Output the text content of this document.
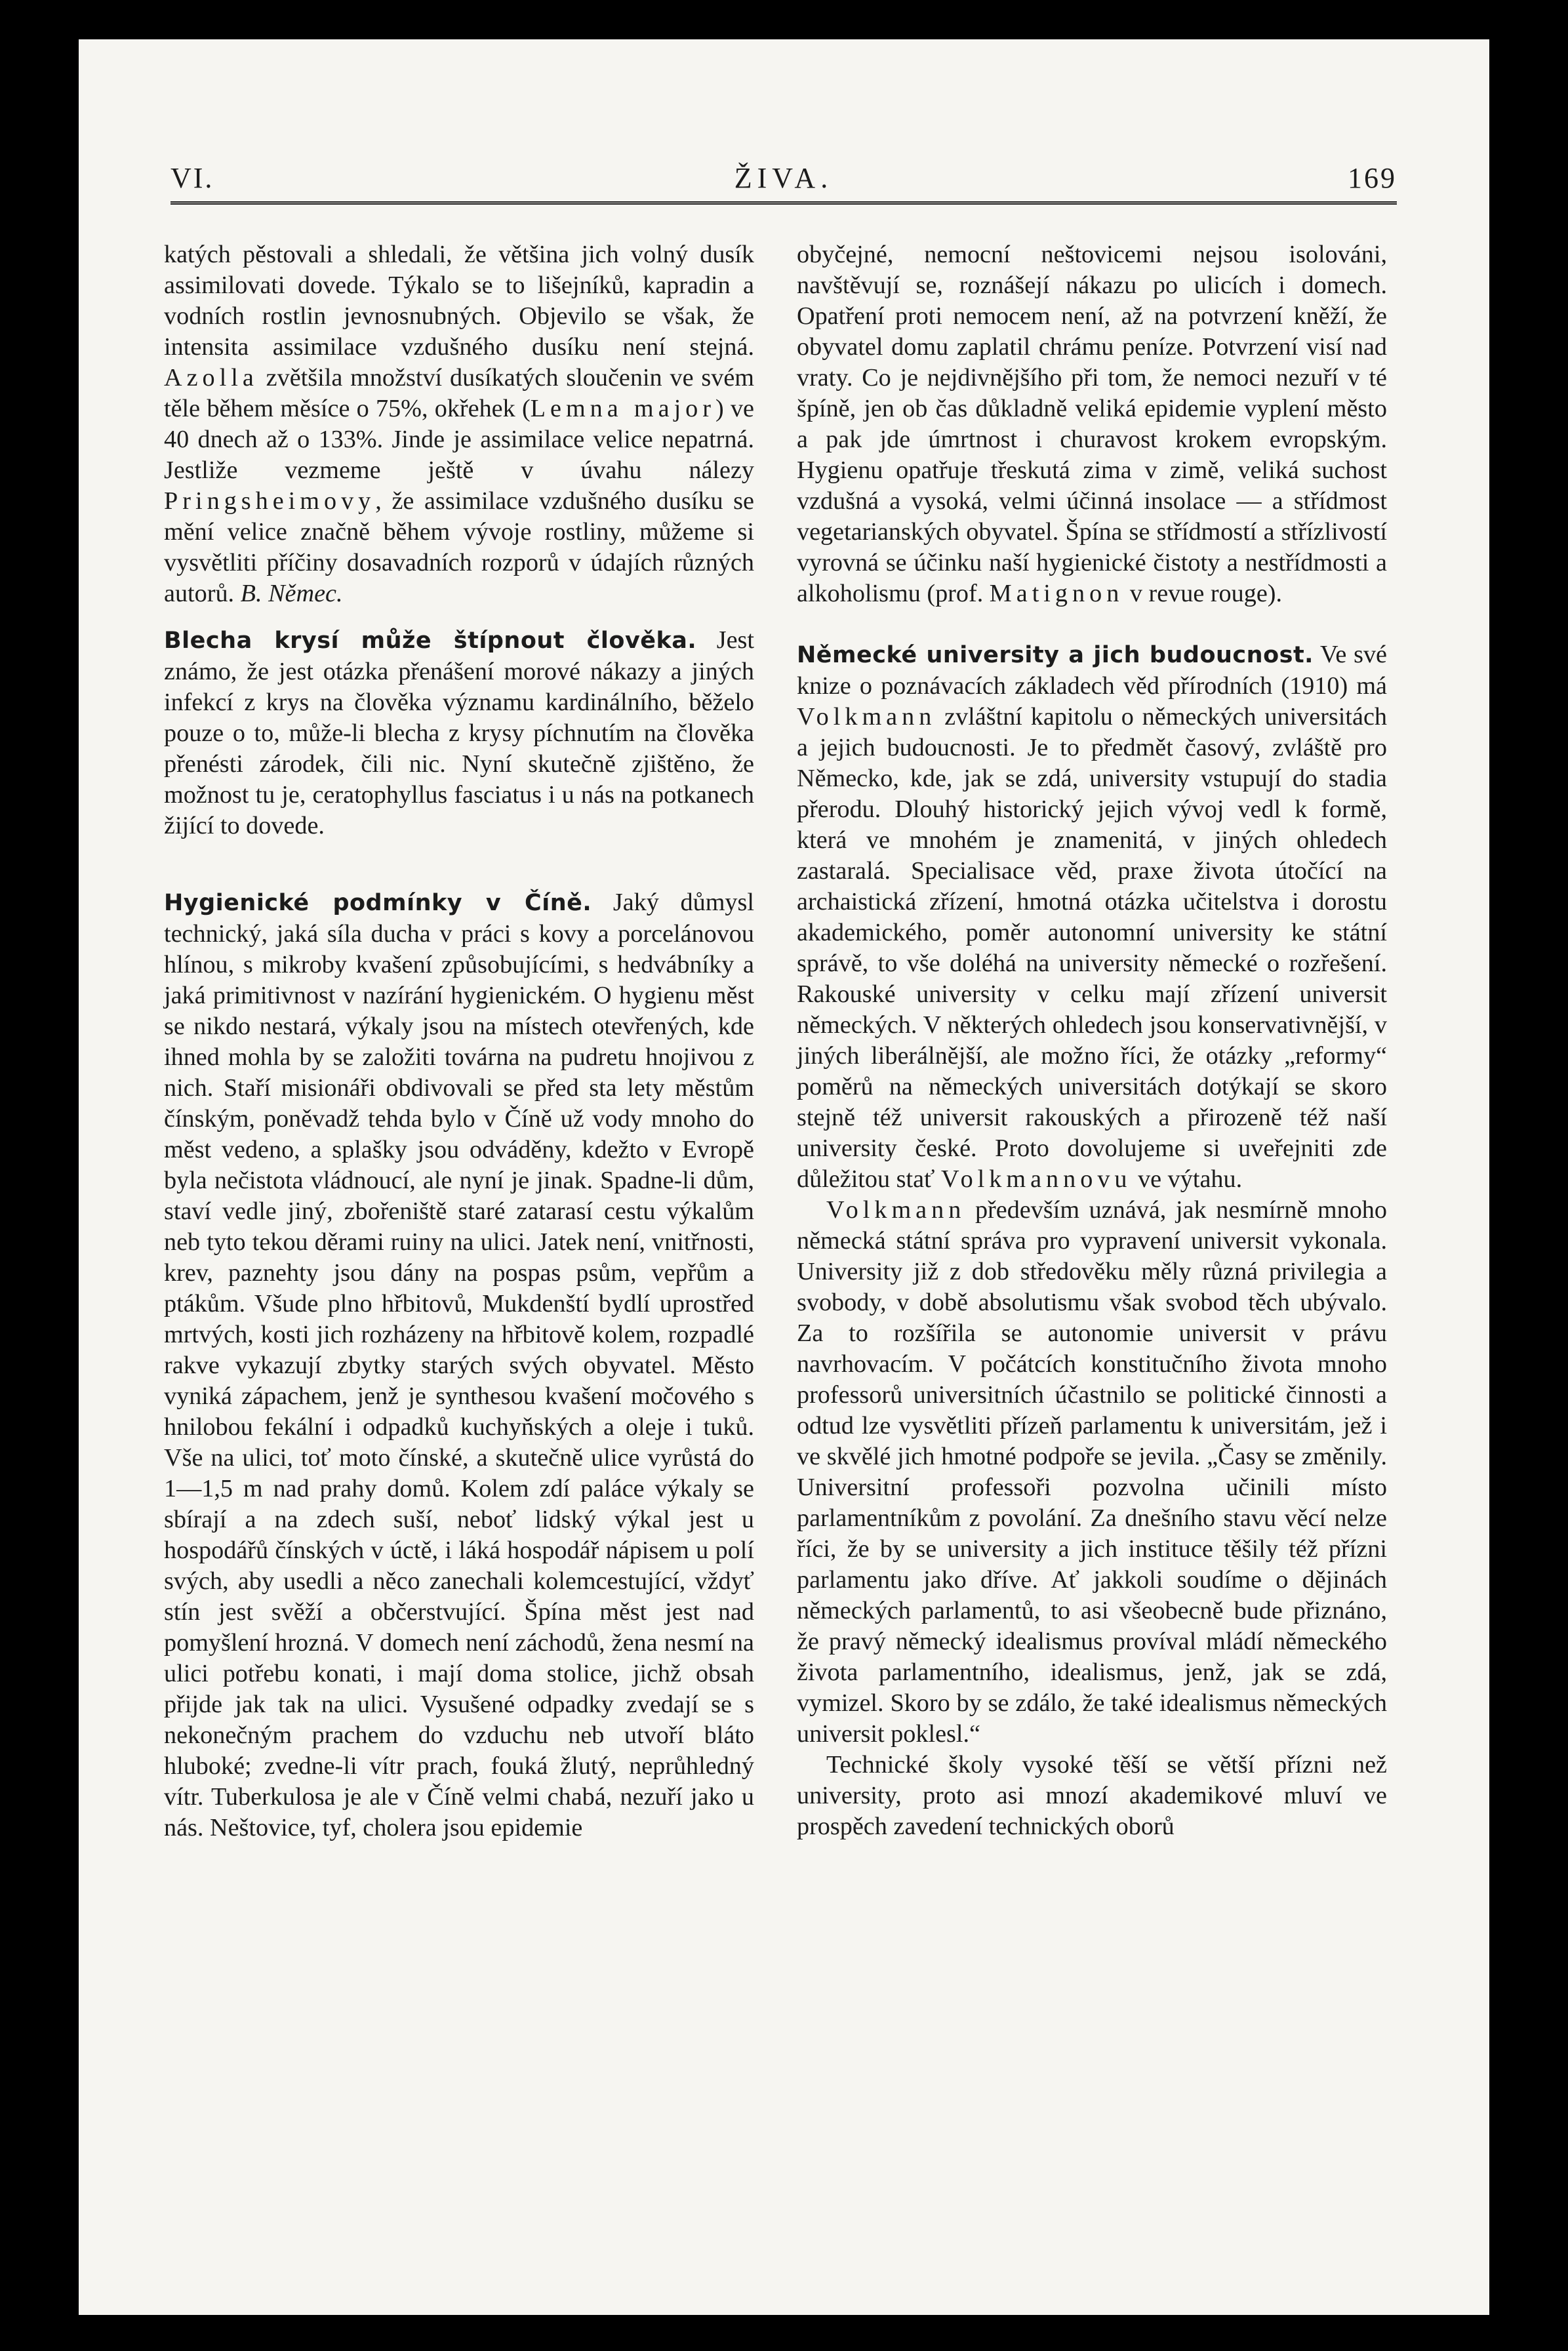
VI.	ŽIVA.	169

katých pěstovali a shledali, že většina jich volný dusík assimilovati dovede. Týkalo se to lišejníků, kapradin a vodních rostlin jevnosnubných. Objevilo se však, že intensita assimilace vzdušného dusíku není stejná. Azolla zvětšila množství dusíkatých sloučenin ve svém těle během měsíce o 75%, okřehek (Lemna major) ve 40 dnech až o 133%. Jinde je assimilace velice nepatrná. Jestliže vezmeme ještě v úvahu nálezy Pringsheimovy, že assimilace vzdušného dusíku se mění velice značně během vývoje rostliny, můžeme si vysvětliti příčiny dosavadních rozporů v údajích různých autorů. B. Němec.

Blecha krysí může štípnout člověka. Jest známo, že jest otázka přenášení morové nákazy a jiných infekcí z krys na člověka významu kardinálního, běželo pouze o to, může-li blecha z krysy píchnutím na člověka přenésti zárodek, čili nic. Nyní skutečně zjištěno, že možnost tu je, ceratophyllus fasciatus i u nás na potkanech žijící to dovede.

Hygienické podmínky v Číně. Jaký důmysl technický, jaká síla ducha v práci s kovy a porcelánovou hlínou, s mikroby kvašení způsobujícími, s hedvábníky a jaká primitivnost v nazírání hygienickém. O hygienu měst se nikdo nestará, výkaly jsou na místech otevřených, kde ihned mohla by se založiti továrna na pudretu hnojivou z nich. Staří misionáři obdivovali se před sta lety městům čínským, poněvadž tehda bylo v Číně už vody mnoho do měst vedeno, a splašky jsou odváděny, kdežto v Evropě byla nečistota vládnoucí, ale nyní je jinak. Spadne-li dům, staví vedle jiný, zbořeniště staré zatarasí cestu výkalům neb tyto tekou děrami ruiny na ulici. Jatek není, vnitřnosti, krev, paznehty jsou dány na pospas psům, vepřům a ptákům. Všude plno hřbitovů, Mukdenští bydlí uprostřed mrtvých, kosti jich rozházeny na hřbitově kolem, rozpadlé rakve vykazují zbytky starých svých obyvatel. Město vyniká zápachem, jenž je synthesou kvašení močového s hnilobou fekální i odpadků kuchyňských a oleje i tuků. Vše na ulici, toť moto čínské, a skutečně ulice vyrůstá do 1—1,5 m nad prahy domů. Kolem zdí paláce výkaly se sbírají a na zdech suší, neboť lidský výkal jest u hospodářů čínských v úctě, i láká hospodář nápisem u polí svých, aby usedli a něco zanechali kolemcestující, vždyť stín jest svěží a občerstvující. Špína měst jest nad pomyšlení hrozná. V domech není záchodů, žena nesmí na ulici potřebu konati, i mají doma stolice, jichž obsah přijde jak tak na ulici. Vysušené odpadky zvedají se s nekonečným prachem do vzduchu neb utvoří bláto hluboké; zvedne-li vítr prach, fouká žlutý, neprůhledný vítr. Tuberkulosa je ale v Číně velmi chabá, nezuří jako u nás. Neštovice, tyf, cholera jsou epidemie

obyčejné, nemocní neštovicemi nejsou isolováni, navštěvují se, roznášejí nákazu po ulicích i domech. Opatření proti nemocem není, až na potvrzení kněží, že obyvatel domu zaplatil chrámu peníze. Potvrzení visí nad vraty. Co je nejdivnějšího při tom, že nemoci nezuří v té špíně, jen ob čas důkladně veliká epidemie vyplení město a pak jde úmrtnost i churavost krokem evropským. Hygienu opatřuje třeskutá zima v zimě, veliká suchost vzdušná a vysoká, velmi účinná insolace — a střídmost vegetarianských obyvatel. Špína se střídmostí a střízlivostí vyrovná se účinku naší hygienické čistoty a nestřídmosti a alkoholismu (prof. Matignon v revue rouge).

Německé university a jich budoucnost. Ve své knize o poznávacích základech věd přírodních (1910) má Volkmann zvláštní kapitolu o německých universitách a jejich budoucnosti. Je to předmět časový, zvláště pro Německo, kde, jak se zdá, university vstupují do stadia přerodu. Dlouhý historický jejich vývoj vedl k formě, která ve mnohém je znamenitá, v jiných ohledech zastaralá. Specialisace věd, praxe života útočící na archaistická zřízení, hmotná otázka učitelstva i dorostu akademického, poměr autonomní university ke státní správě, to vše doléhá na university německé o rozřešení. Rakouské university v celku mají zřízení universit německých. V některých ohledech jsou konservativnější, v jiných liberálnější, ale možno říci, že otázky „reformy“ poměrů na německých universitách dotýkají se skoro stejně též universit rakouských a přirozeně též naší university české. Proto dovolujeme si uveřejniti zde důležitou stať Volkmannovu ve výtahu.

Volkmann především uznává, jak nesmírně mnoho německá státní správa pro vypravení universit vykonala. University již z dob středověku měly různá privilegia a svobody, v době absolutismu však svobod těch ubývalo. Za to rozšířila se autonomie universit v právu navrhovacím. V počátcích konstitučního života mnoho professorů universitních účastnilo se politické činnosti a odtud lze vysvětliti přízeň parlamentu k universitám, jež i ve skvělé jich hmotné podpoře se jevila. „Časy se změnily. Universitní professoři pozvolna učinili místo parlamentníkům z povolání. Za dnešního stavu věcí nelze říci, že by se university a jich instituce těšily též přízni parlamentu jako dříve. Ať jakkoli soudíme o dějinách německých parlamentů, to asi všeobecně bude přiznáno, že pravý německý idealismus províval mládí německého života parlamentního, idealismus, jenž, jak se zdá, vymizel. Skoro by se zdálo, že také idealismus německých universit poklesl.“

Technické školy vysoké těší se větší přízni než university, proto asi mnozí akademikové mluví ve prospěch zavedení technických oborů
